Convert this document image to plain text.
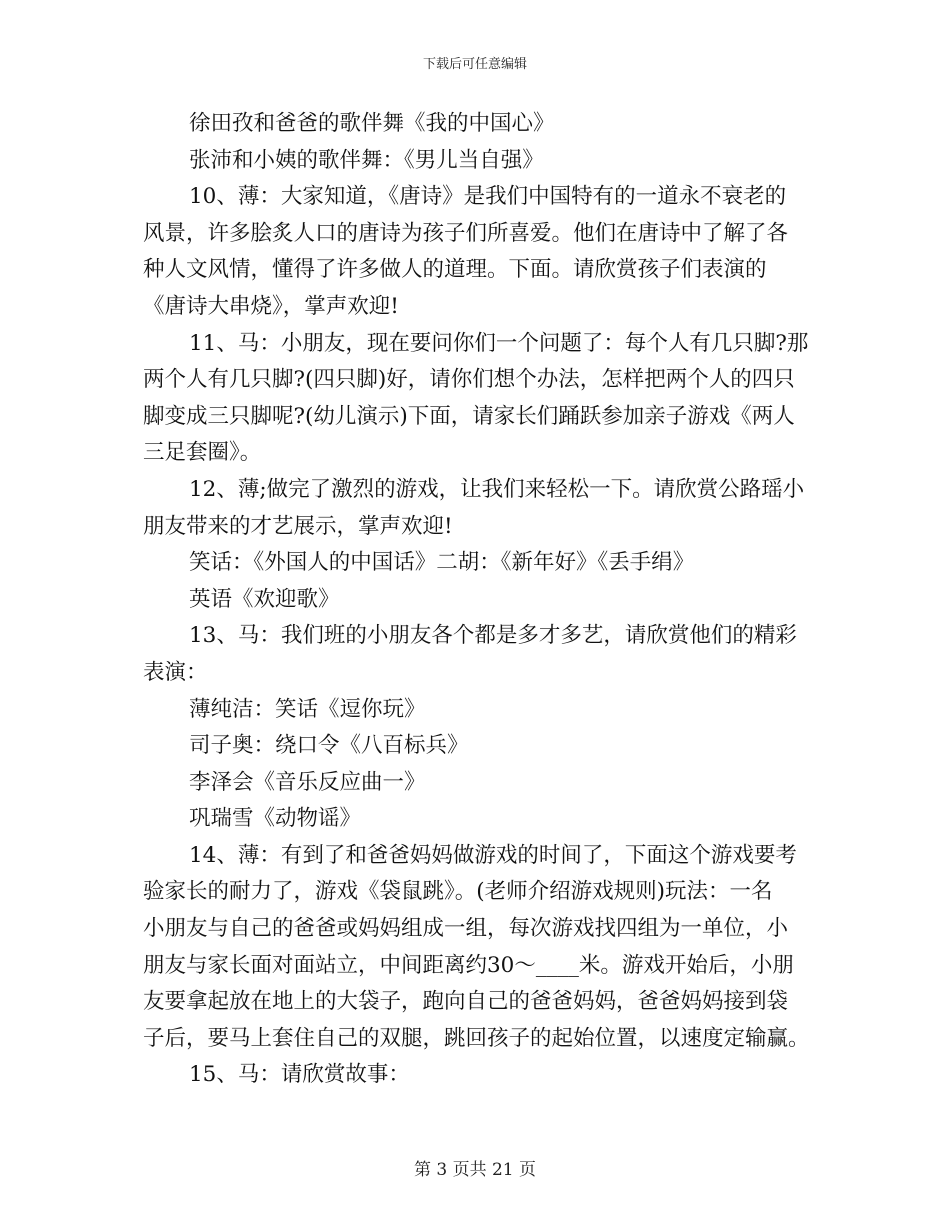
下载后可任意编辑
徐田孜和爸爸的歌伴舞《我的中国心》
张沛和小姨的歌伴舞：《男儿当自强》
10、薄：大家知道，《唐诗》是我们中国特有的一道永不衰老的
风景，许多脍炙人口的唐诗为孩子们所喜爱。他们在唐诗中了解了各
种人文风情，懂得了许多做人的道理。下面。请欣赏孩子们表演的
《唐诗大串烧》，掌声欢迎!
11、马：小朋友，现在要问你们一个问题了：每个人有几只脚?那
两个人有几只脚?(四只脚)好，请你们想个办法，怎样把两个人的四只
脚变成三只脚呢?(幼儿演示)下面，请家长们踊跃参加亲子游戏《两人
三足套圈》。
12、薄;做完了激烈的游戏，让我们来轻松一下。请欣赏公路瑶小
朋友带来的才艺展示，掌声欢迎!
笑话：《外国人的中国话》二胡：《新年好》《丢手绢》
英语《欢迎歌》
13、马：我们班的小朋友各个都是多才多艺，请欣赏他们的精彩
表演：
薄纯洁：笑话《逗你玩》
司子奥：绕口令《八百标兵》
李泽会《音乐反应曲一》
巩瑞雪《动物谣》
14、薄：有到了和爸爸妈妈做游戏的时间了，下面这个游戏要考
验家长的耐力了，游戏《袋鼠跳》。(老师介绍游戏规则)玩法：一名
小朋友与自己的爸爸或妈妈组成一组，每次游戏找四组为一单位，小
朋友与家长面对面站立，中间距离约30～____米。游戏开始后，小朋
友要拿起放在地上的大袋子，跑向自己的爸爸妈妈，爸爸妈妈接到袋
子后，要马上套住自己的双腿，跳回孩子的起始位置，以速度定输赢。
15、马：请欣赏故事：
第 3 页共 21 页
